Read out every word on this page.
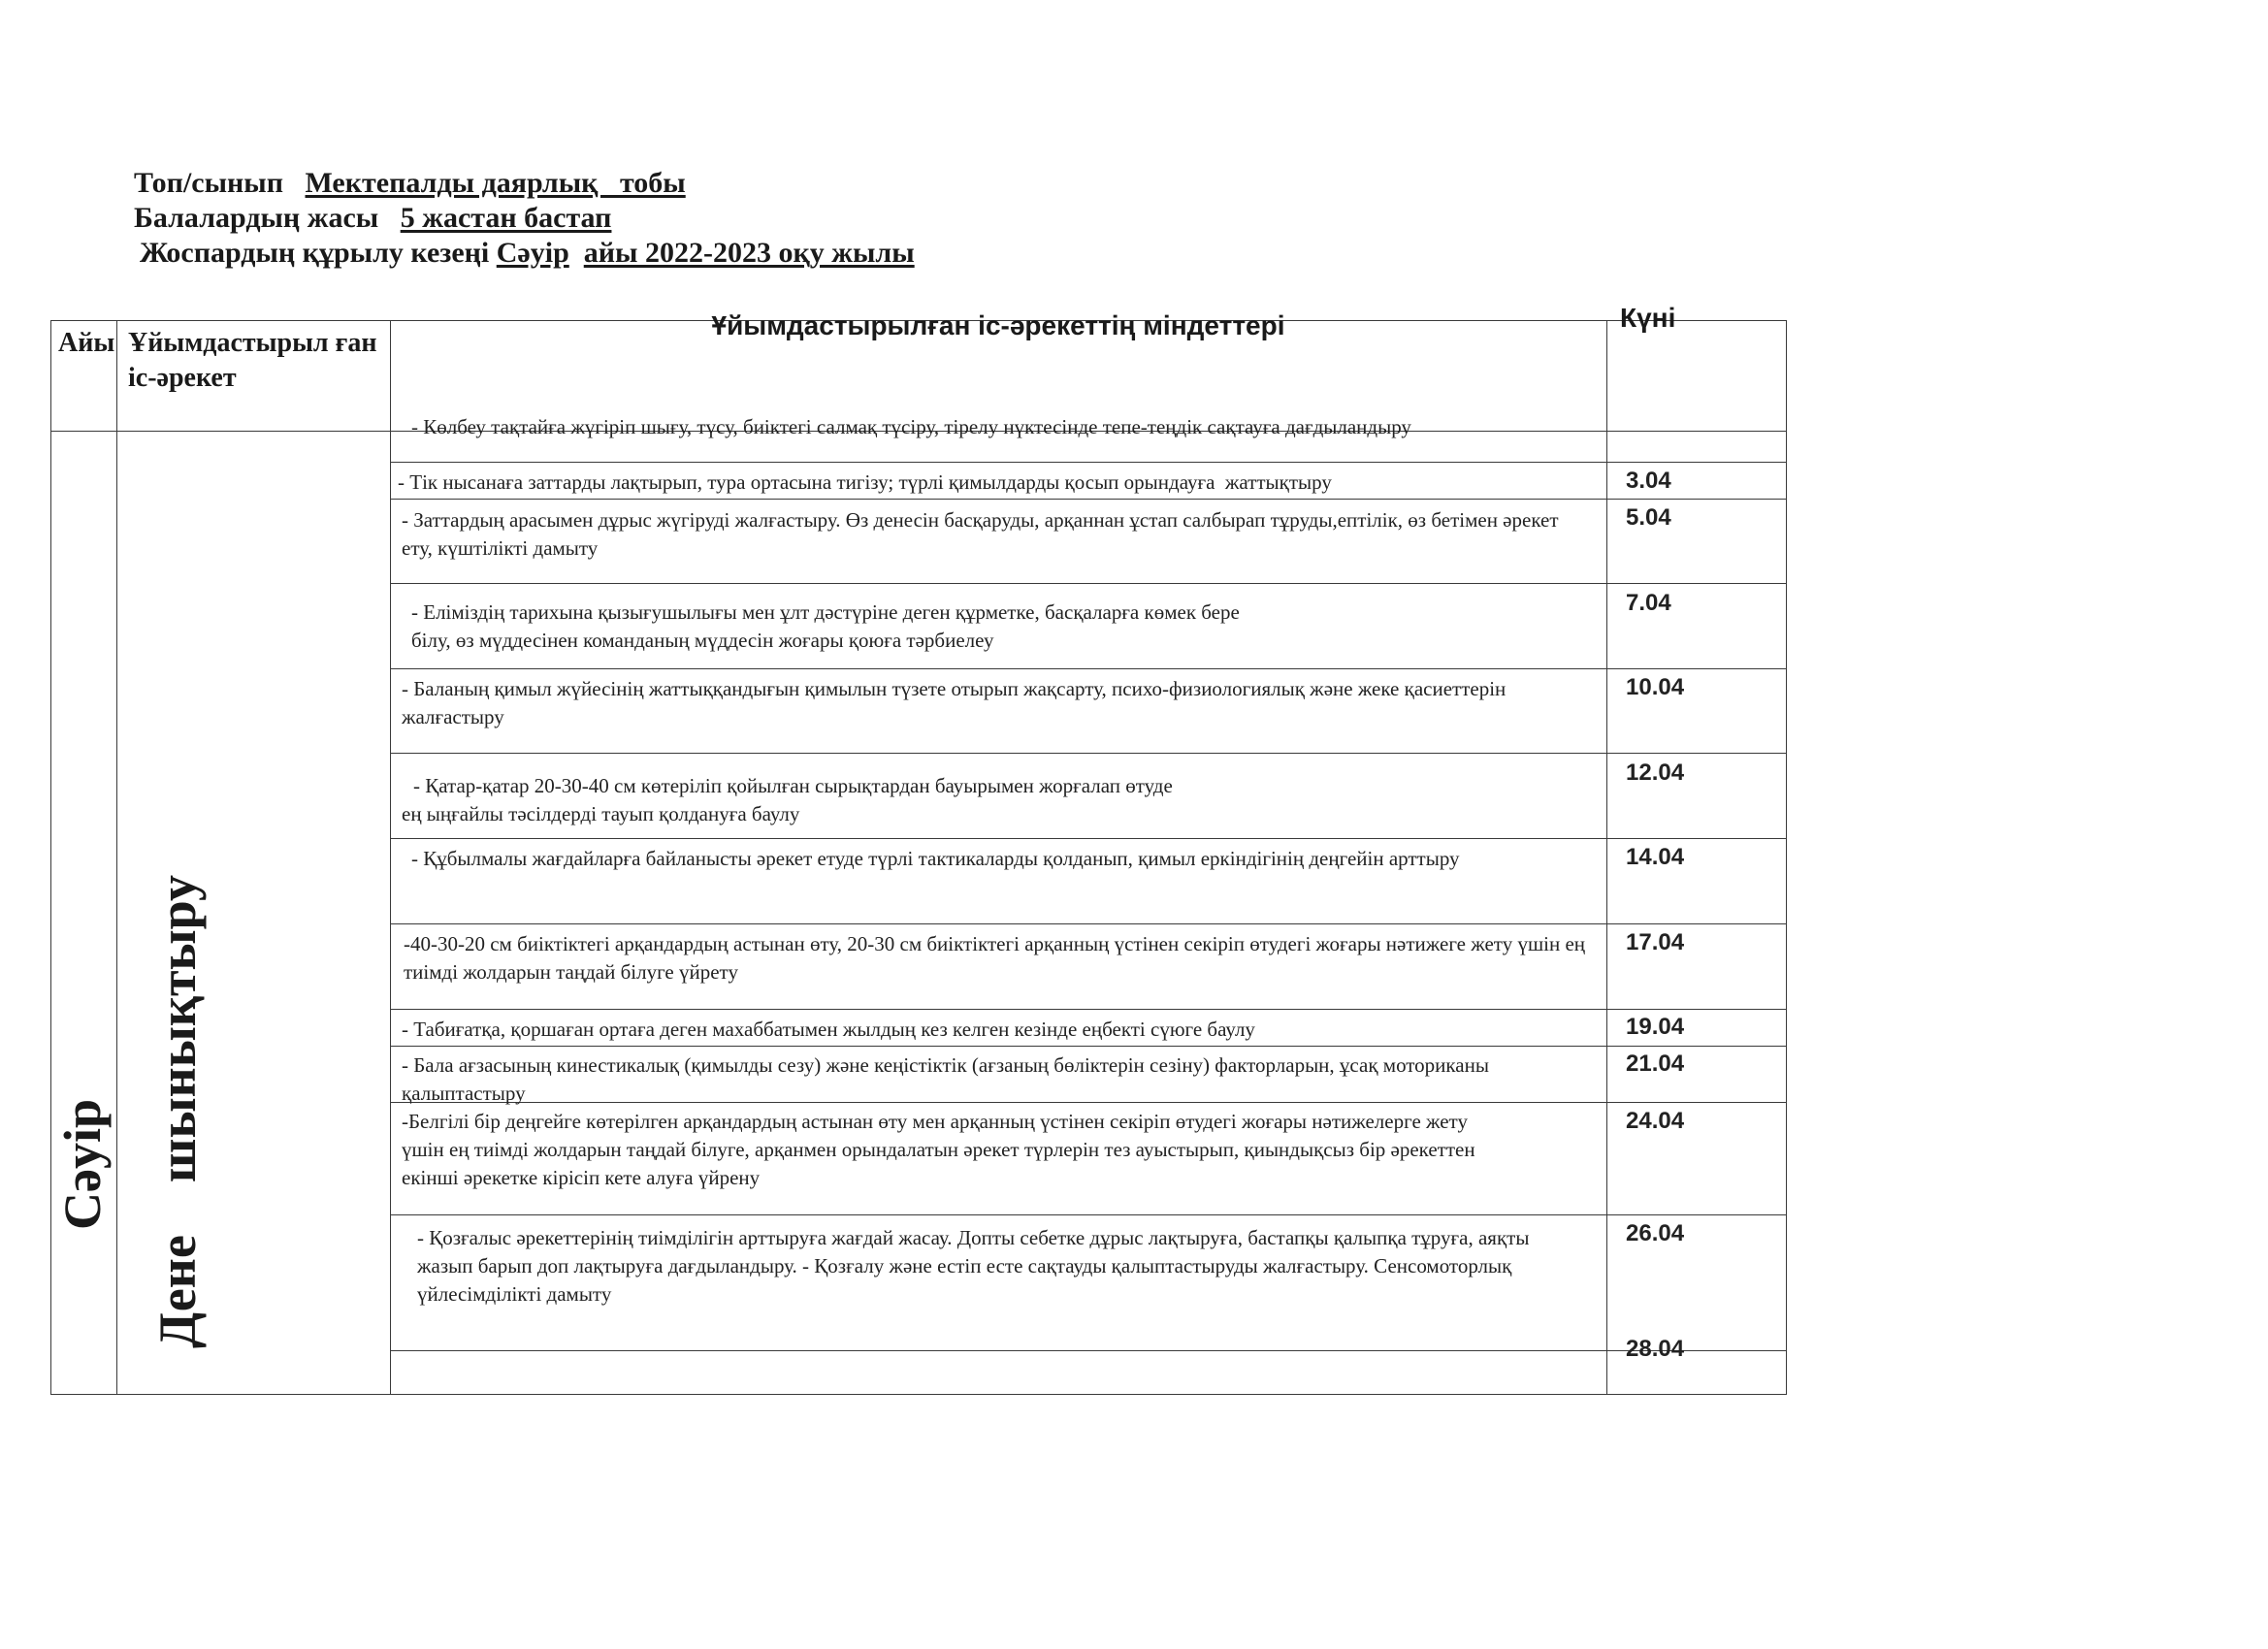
Топ/сынып Мектепалды даярлық   тобы
Балалардың жасы 5 жастан бастап
Жоспардың құрылу кезеңі Сәуір айы 2022-2023 оқу жылы
Айы Ұйымдастырыл ған іс-әрекет
Ұйымдастырылған іс-әрекеттің міндеттері	Күні
Сәуір Дене    шынықтыру
- Көлбеу тақтайға жүгіріп шығу, түсу, биіктегі салмақ түсіру, тірелу нүктесінде тепе-теңдік сақтауға дағдыландыру
- Тік нысанаға заттарды лақтырып, тура ортасына тигізу; түрлі қимылдарды қосып орындауға  жаттықтыру
- Заттардың арасымен дұрыс жүгіруді жалғастыру. Өз денесін басқаруды, арқаннан ұстап салбырап тұруды,ептілік, өз бетімен әрекет ету, күштілікті дамыту
- Еліміздің тарихына қызығушылығы мен ұлт дәстүріне деген құрметке, басқаларға көмек бере білу, өз мүддесінен команданың мүддесін жоғары қоюға тәрбиелеу
- Баланың қимыл жүйесінің жаттыққандығын қимылын түзете отырып жақсарту, психо-физиологиялық және жеке қасиеттерін жалғастыру
- Қатар-қатар 20-30-40 см көтеріліп қойылған сырықтардан бауырымен жорғалап өтуде ең ыңғайлы тәсілдерді тауып қолдануға баулу
- Құбылмалы жағдайларға байланысты әрекет етуде түрлі тактикаларды қолданып, қимыл еркіндігінің деңгейін арттыру
-40-30-20 см биіктіктегі арқандардың астынан өту, 20-30 см биіктіктегі арқанның үстінен секіріп өтудегі жоғары нәтижеге жету үшін ең тиімді жолдарын таңдай білуге үйрету
- Табиғатқа, қоршаған ортаға деген махаббатымен жылдың кез келген кезінде еңбекті сүюге баулу
- Бала ағзасының кинестикалық (қимылды сезу) және кеңістіктік (ағзаның бөліктерін сезіну) факторларын, ұсақ моториканы қалыптастыру
-Белгілі бір деңгейге көтерілген арқандардың астынан өту мен арқанның үстінен секіріп өтудегі жоғары нәтижелерге жету үшін ең тиімді жолдарын таңдай білуге, арқанмен орындалатын әрекет түрлерін тез ауыстырып, қиындықсыз бір әрекеттен екінші әрекетке кірісіп кете алуға үйрену
- Қозғалыс әрекеттерінің тиімділігін арттыруға жағдай жасау. Допты себетке дұрыс лақтыруға, бастапқы қалыпқа тұруға, аяқты жазып барып доп лақтыруға дағдыландыру. - Қозғалу және естіп есте сақтауды қалыптастыруды жалғастыру. Сенсомоторлық үйлесімділікті дамыту
3.04
5.04
7.04
10.04
12.04
14.04
17.04
19.04
21.04
24.04
26.04
28.04
